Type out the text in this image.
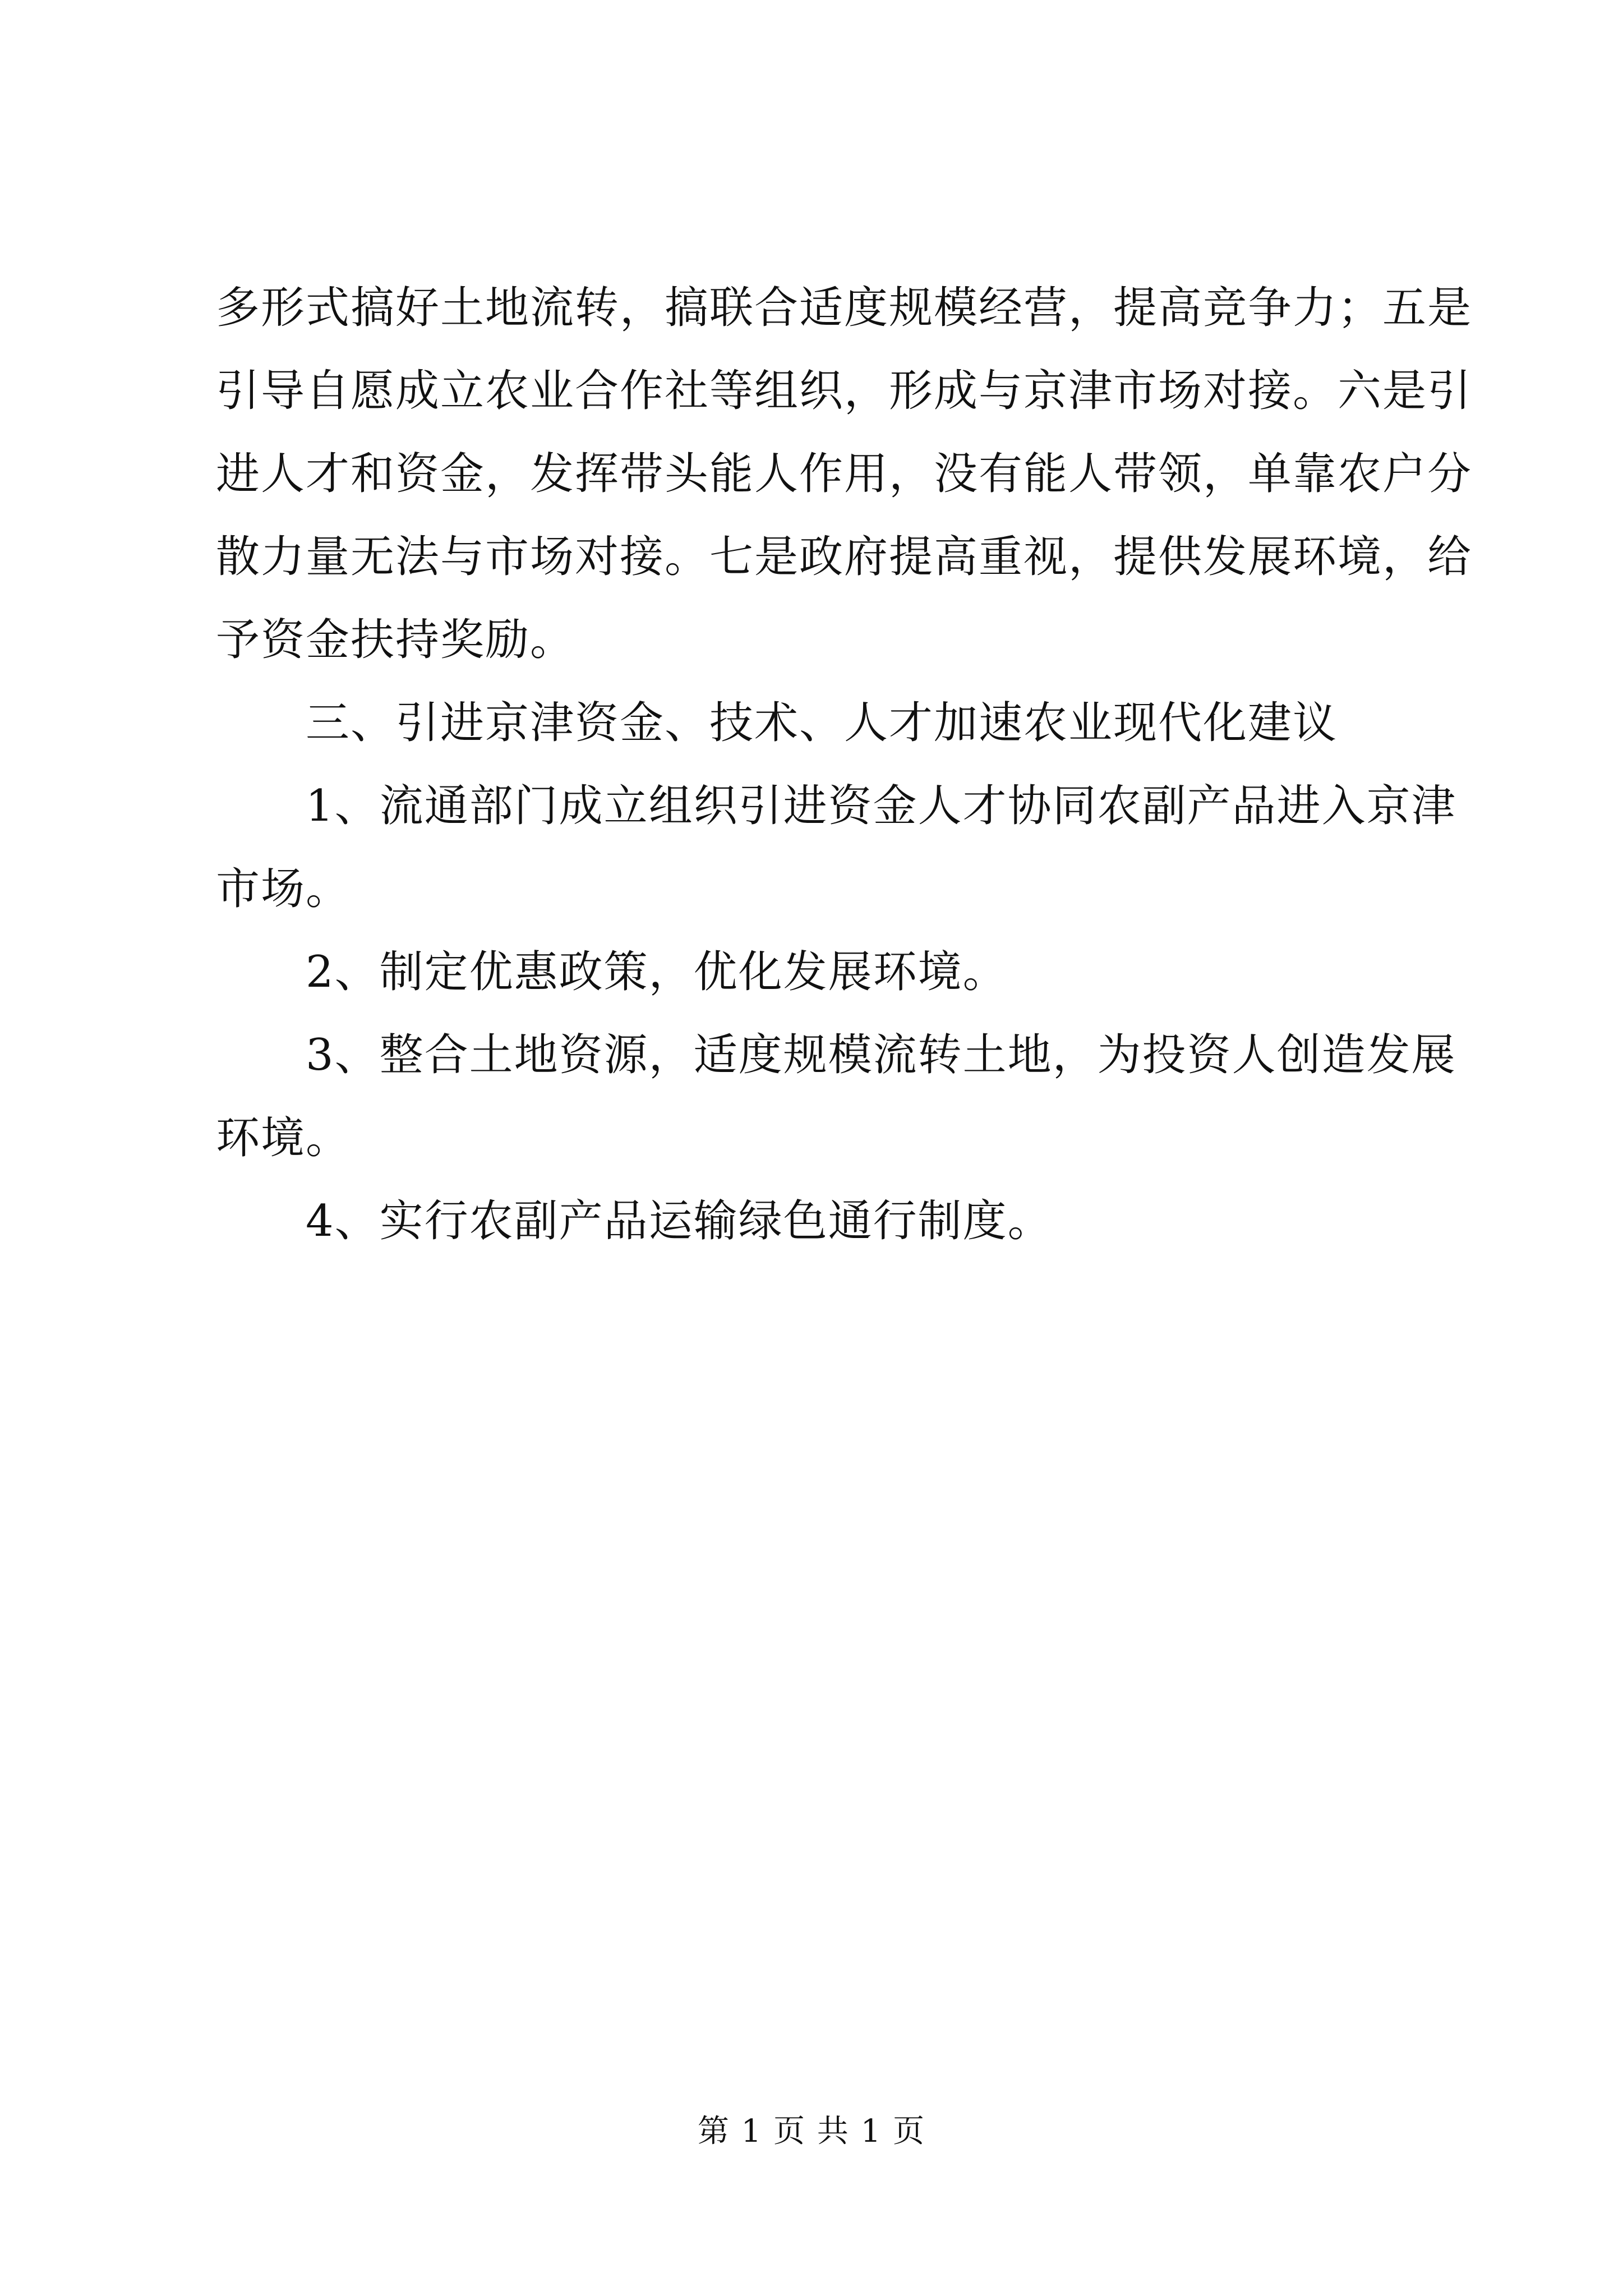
多形式搞好土地流转，搞联合适度规模经营，提高竞争力；五是
引导自愿成立农业合作社等组织，形成与京津市场对接。六是引
进人才和资金，发挥带头能人作用，没有能人带领，单靠农户分
散力量无法与市场对接。七是政府提高重视，提供发展环境，给
予资金扶持奖励。
三、引进京津资金、技术、人才加速农业现代化建议
1、流通部门成立组织引进资金人才协同农副产品进入京津
市场。
2、制定优惠政策，优化发展环境。
3、整合土地资源，适度规模流转土地，为投资人创造发展
环境。
4、实行农副产品运输绿色通行制度。
第 1 页 共 1 页
